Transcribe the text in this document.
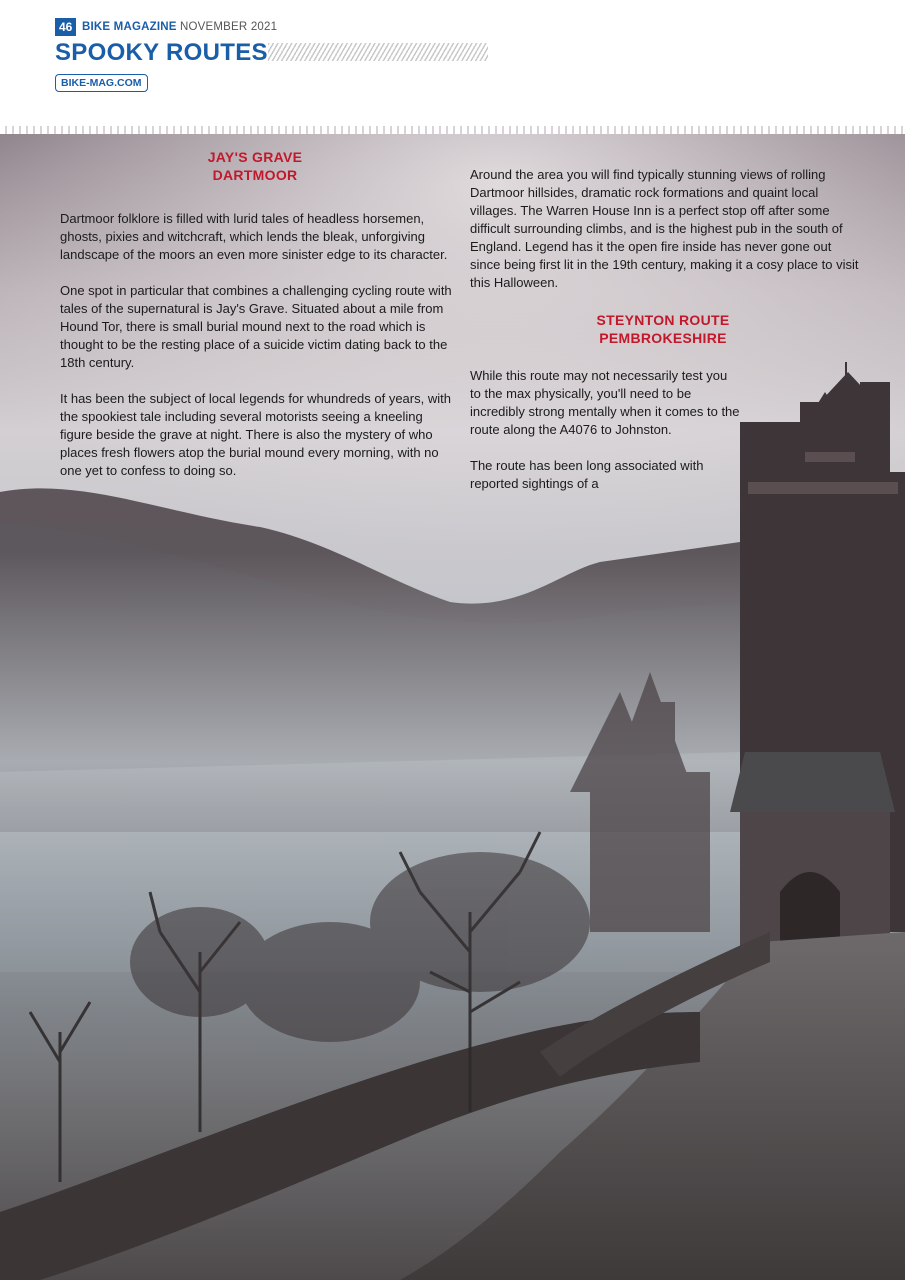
46 BIKE MAGAZINE NOVEMBER 2021
SPOOKY ROUTES
BIKE-MAG.COM
JAY'S GRAVE
DARTMOOR

Dartmoor folklore is filled with lurid tales of headless horsemen, ghosts, pixies and witchcraft, which lends the bleak, unforgiving landscape of the moors an even more sinister edge to its character.

One spot in particular that combines a challenging cycling route with tales of the supernatural is Jay's Grave. Situated about a mile from Hound Tor, there is small burial mound next to the road which is thought to be the resting place of a suicide victim dating back to the 18th century.

It has been the subject of local legends for whundreds of years, with the spookiest tale including several motorists seeing a kneeling figure beside the grave at night. There is also the mystery of who places fresh flowers atop the burial mound every morning, with no one yet to confess to doing so.

Around the area you will find typically stunning views of rolling Dartmoor hillsides, dramatic rock formations and quaint local villages. The Warren House Inn is a perfect stop off after some difficult surrounding climbs, and is the highest pub in the south of England. Legend has it the open fire inside has never gone out since being first lit in the 19th century, making it a cosy place to visit this Halloween.

STEYNTON ROUTE
PEMBROKESHIRE

While this route may not necessarily test you to the max physically, you'll need to be incredibly strong mentally when it comes to the route along the A4076 to Johnston.

The route has been long associated with reported sightings of a
